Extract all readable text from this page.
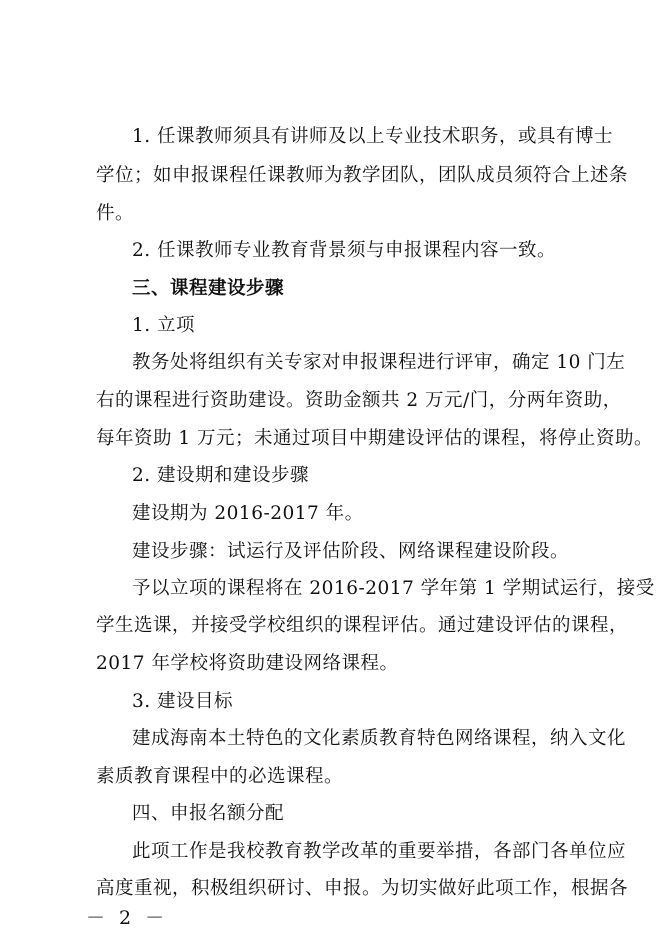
1. 任课教师须具有讲师及以上专业技术职务，或具有博士
学位；如申报课程任课教师为教学团队，团队成员须符合上述条
件。
2. 任课教师专业教育背景须与申报课程内容一致。
三、课程建设步骤
1. 立项
教务处将组织有关专家对申报课程进行评审，确定 10 门左
右的课程进行资助建设。资助金额共 2 万元/门，分两年资助，
每年资助 1 万元；未通过项目中期建设评估的课程，将停止资助。
2. 建设期和建设步骤
建设期为 2016-2017 年。
建设步骤：试运行及评估阶段、网络课程建设阶段。
予以立项的课程将在 2016-2017 学年第 1 学期试运行，接受
学生选课，并接受学校组织的课程评估。通过建设评估的课程，
2017 年学校将资助建设网络课程。
3. 建设目标
建成海南本土特色的文化素质教育特色网络课程，纳入文化
素质教育课程中的必选课程。
四、申报名额分配
此项工作是我校教育教学改革的重要举措，各部门各单位应
高度重视，积极组织研讨、申报。为切实做好此项工作，根据各
－ 2 －
